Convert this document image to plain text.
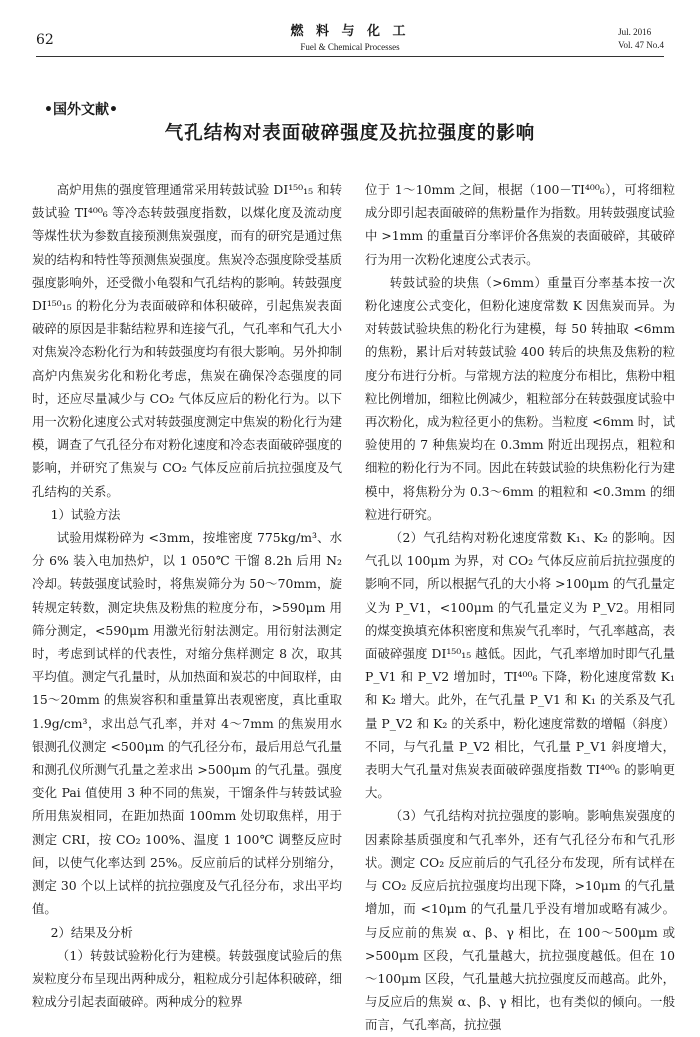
62
燃 料 与 化 工
Fuel & Chemical Processes
Jul. 2016
Vol. 47 No.4
•国外文献•
气孔结构对表面破碎强度及抗拉强度的影响

高炉用焦的强度管理通常采用转鼓试验 DI¹⁵⁰₁₅ 和转鼓试验 TI⁴⁰⁰₆ 等冷态转鼓强度指数，以煤化度及流动度等煤性状为参数直接预测焦炭强度，而有的研究是通过焦炭的结构和特性等预测焦炭强度。焦炭冷态强度除受基质强度影响外，还受微小龟裂和气孔结构的影响。转鼓强度 DI¹⁵⁰₁₅ 的粉化分为表面破碎和体积破碎，引起焦炭表面破碎的原因是非黏结粒界和连接气孔，气孔率和气孔大小对焦炭冷态粉化行为和转鼓强度均有很大影响。另外抑制高炉内焦炭劣化和粉化考虑，焦炭在确保冷态强度的同时，还应尽量减少与 CO₂ 气体反应后的粉化行为。以下用一次粉化速度公式对转鼓强度测定中焦炭的粉化行为建模，调查了气孔径分布对粉化速度和冷态表面破碎强度的影响，并研究了焦炭与 CO₂ 气体反应前后抗拉强度及气孔结构的关系。

1）试验方法

试验用煤粉碎为 <3mm，按堆密度 775kg/m³、水分 6% 装入电加热炉，以 1 050℃ 干馏 8.2h 后用 N₂ 冷却。转鼓强度试验时，将焦炭筛分为 50～70mm，旋转规定转数，测定块焦及粉焦的粒度分布，>590μm 用筛分测定，<590μm 用激光衍射法测定。用衍射法测定时，考虑到试样的代表性，对缩分焦样测定 8 次，取其平均值。测定气孔量时，从加热面和炭芯的中间取样，由 15～20mm 的焦炭容积和重量算出表观密度，真比重取 1.9g/cm³，求出总气孔率，并对 4～7mm 的焦炭用水银测孔仪测定 <500μm 的气孔径分布，最后用总气孔量和测孔仪所测气孔量之差求出 >500μm 的气孔量。强度变化 Pai 值使用 3 种不同的焦炭，干馏条件与转鼓试验所用焦炭相同，在距加热面 100mm 处切取焦样，用于测定 CRI，按 CO₂ 100%、温度 1 100℃ 调整反应时间，以使气化率达到 25%。反应前后的试样分别缩分，测定 30 个以上试样的抗拉强度及气孔径分布，求出平均值。

2）结果及分析

（1）转鼓试验粉化行为建模。转鼓强度试验后的焦炭粒度分布呈现出两种成分，粗粒成分引起体积破碎，细粒成分引起表面破碎。两种成分的粒界

位于 1～10mm 之间，根据（100－TI⁴⁰⁰₆），可将细粒成分即引起表面破碎的焦粉量作为指数。用转鼓强度试验中 >1mm 的重量百分率评价各焦炭的表面破碎，其破碎行为用一次粉化速度公式表示。

转鼓试验的块焦（>6mm）重量百分率基本按一次粉化速度公式变化，但粉化速度常数 K 因焦炭而异。为对转鼓试验块焦的粉化行为建模，每 50 转抽取 <6mm 的焦粉，累计后对转鼓试验 400 转后的块焦及焦粉的粒度分布进行分析。与常规方法的粒度分布相比，焦粉中粗粒比例增加，细粒比例减少，粗粒部分在转鼓强度试验中再次粉化，成为粒径更小的焦粉。当粒度 <6mm 时，试验使用的 7 种焦炭均在 0.3mm 附近出现拐点，粗粒和细粒的粉化行为不同。因此在转鼓试验的块焦粉化行为建模中，将焦粉分为 0.3～6mm 的粗粒和 <0.3mm 的细粒进行研究。

（2）气孔结构对粉化速度常数 K₁、K₂ 的影响。因气孔以 100μm 为界，对 CO₂ 气体反应前后抗拉强度的影响不同，所以根据气孔的大小将 >100μm 的气孔量定义为 P_V1，<100μm 的气孔量定义为 P_V2。用相同的煤变换填充体积密度和焦炭气孔率时，气孔率越高，表面破碎强度 DI¹⁵⁰₁₅ 越低。因此，气孔率增加时即气孔量 P_V1 和 P_V2 增加时，TI⁴⁰⁰₆ 下降，粉化速度常数 K₁ 和 K₂ 增大。此外，在气孔量 P_V1 和 K₁ 的关系及气孔量 P_V2 和 K₂ 的关系中，粉化速度常数的增幅（斜度）不同，与气孔量 P_V2 相比，气孔量 P_V1 斜度增大，表明大气孔量对焦炭表面破碎强度指数 TI⁴⁰⁰₆ 的影响更大。

（3）气孔结构对抗拉强度的影响。影响焦炭强度的因素除基质强度和气孔率外，还有气孔径分布和气孔形状。测定 CO₂ 反应前后的气孔径分布发现，所有试样在与 CO₂ 反应后抗拉强度均出现下降，>10μm 的气孔量增加，而 <10μm 的气孔量几乎没有增加或略有减少。与反应前的焦炭 α、β、γ 相比，在 100～500μm 或 >500μm 区段，气孔量越大，抗拉强度越低。但在 10～100μm 区段，气孔量越大抗拉强度反而越高。此外，与反应后的焦炭 α、β、γ 相比，也有类似的倾向。一般而言，气孔率高，抗拉强
